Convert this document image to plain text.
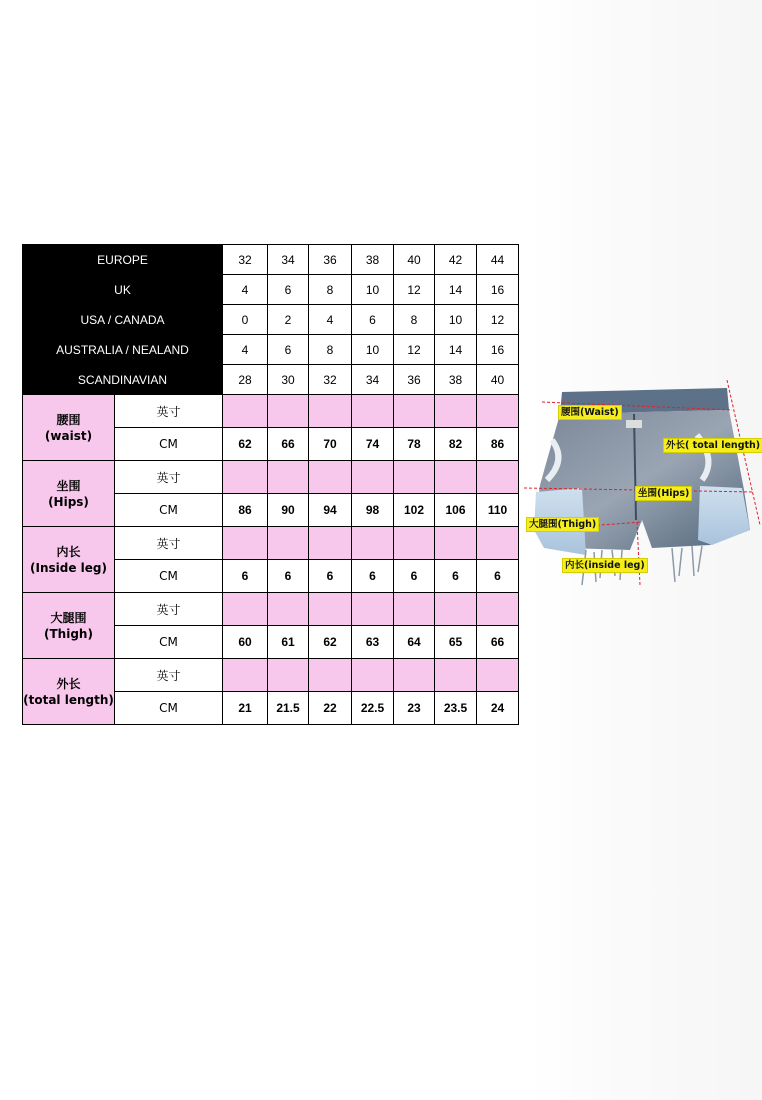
EUROPE		32	34	36	38	40	42	44
UK		4	6	8	10	12	14	16
USA / CANADA		0	2	4	6	8	10	12
AUSTRALIA / NEALAND		4	6	8	10	12	14	16
SCANDINAVIAN		28	30	32	34	36	38	40

腰围
(waist)	英寸							
	CM	62	66	70	74	78	82	86

坐围
(Hips)	英寸							
	CM	86	90	94	98	102	106	110

内长
(Inside leg)	英寸							
	CM	6	6	6	6	6	6	6

大腿围
(Thigh)	英寸							
	CM	60	61	62	63	64	65	66

外长
(total length)	英寸							
	CM	21	21.5	22	22.5	23	23.5	24
腰围(Waist)
外长( total length)
坐围(Hips)
大腿围(Thigh)
内长(inside leg)
